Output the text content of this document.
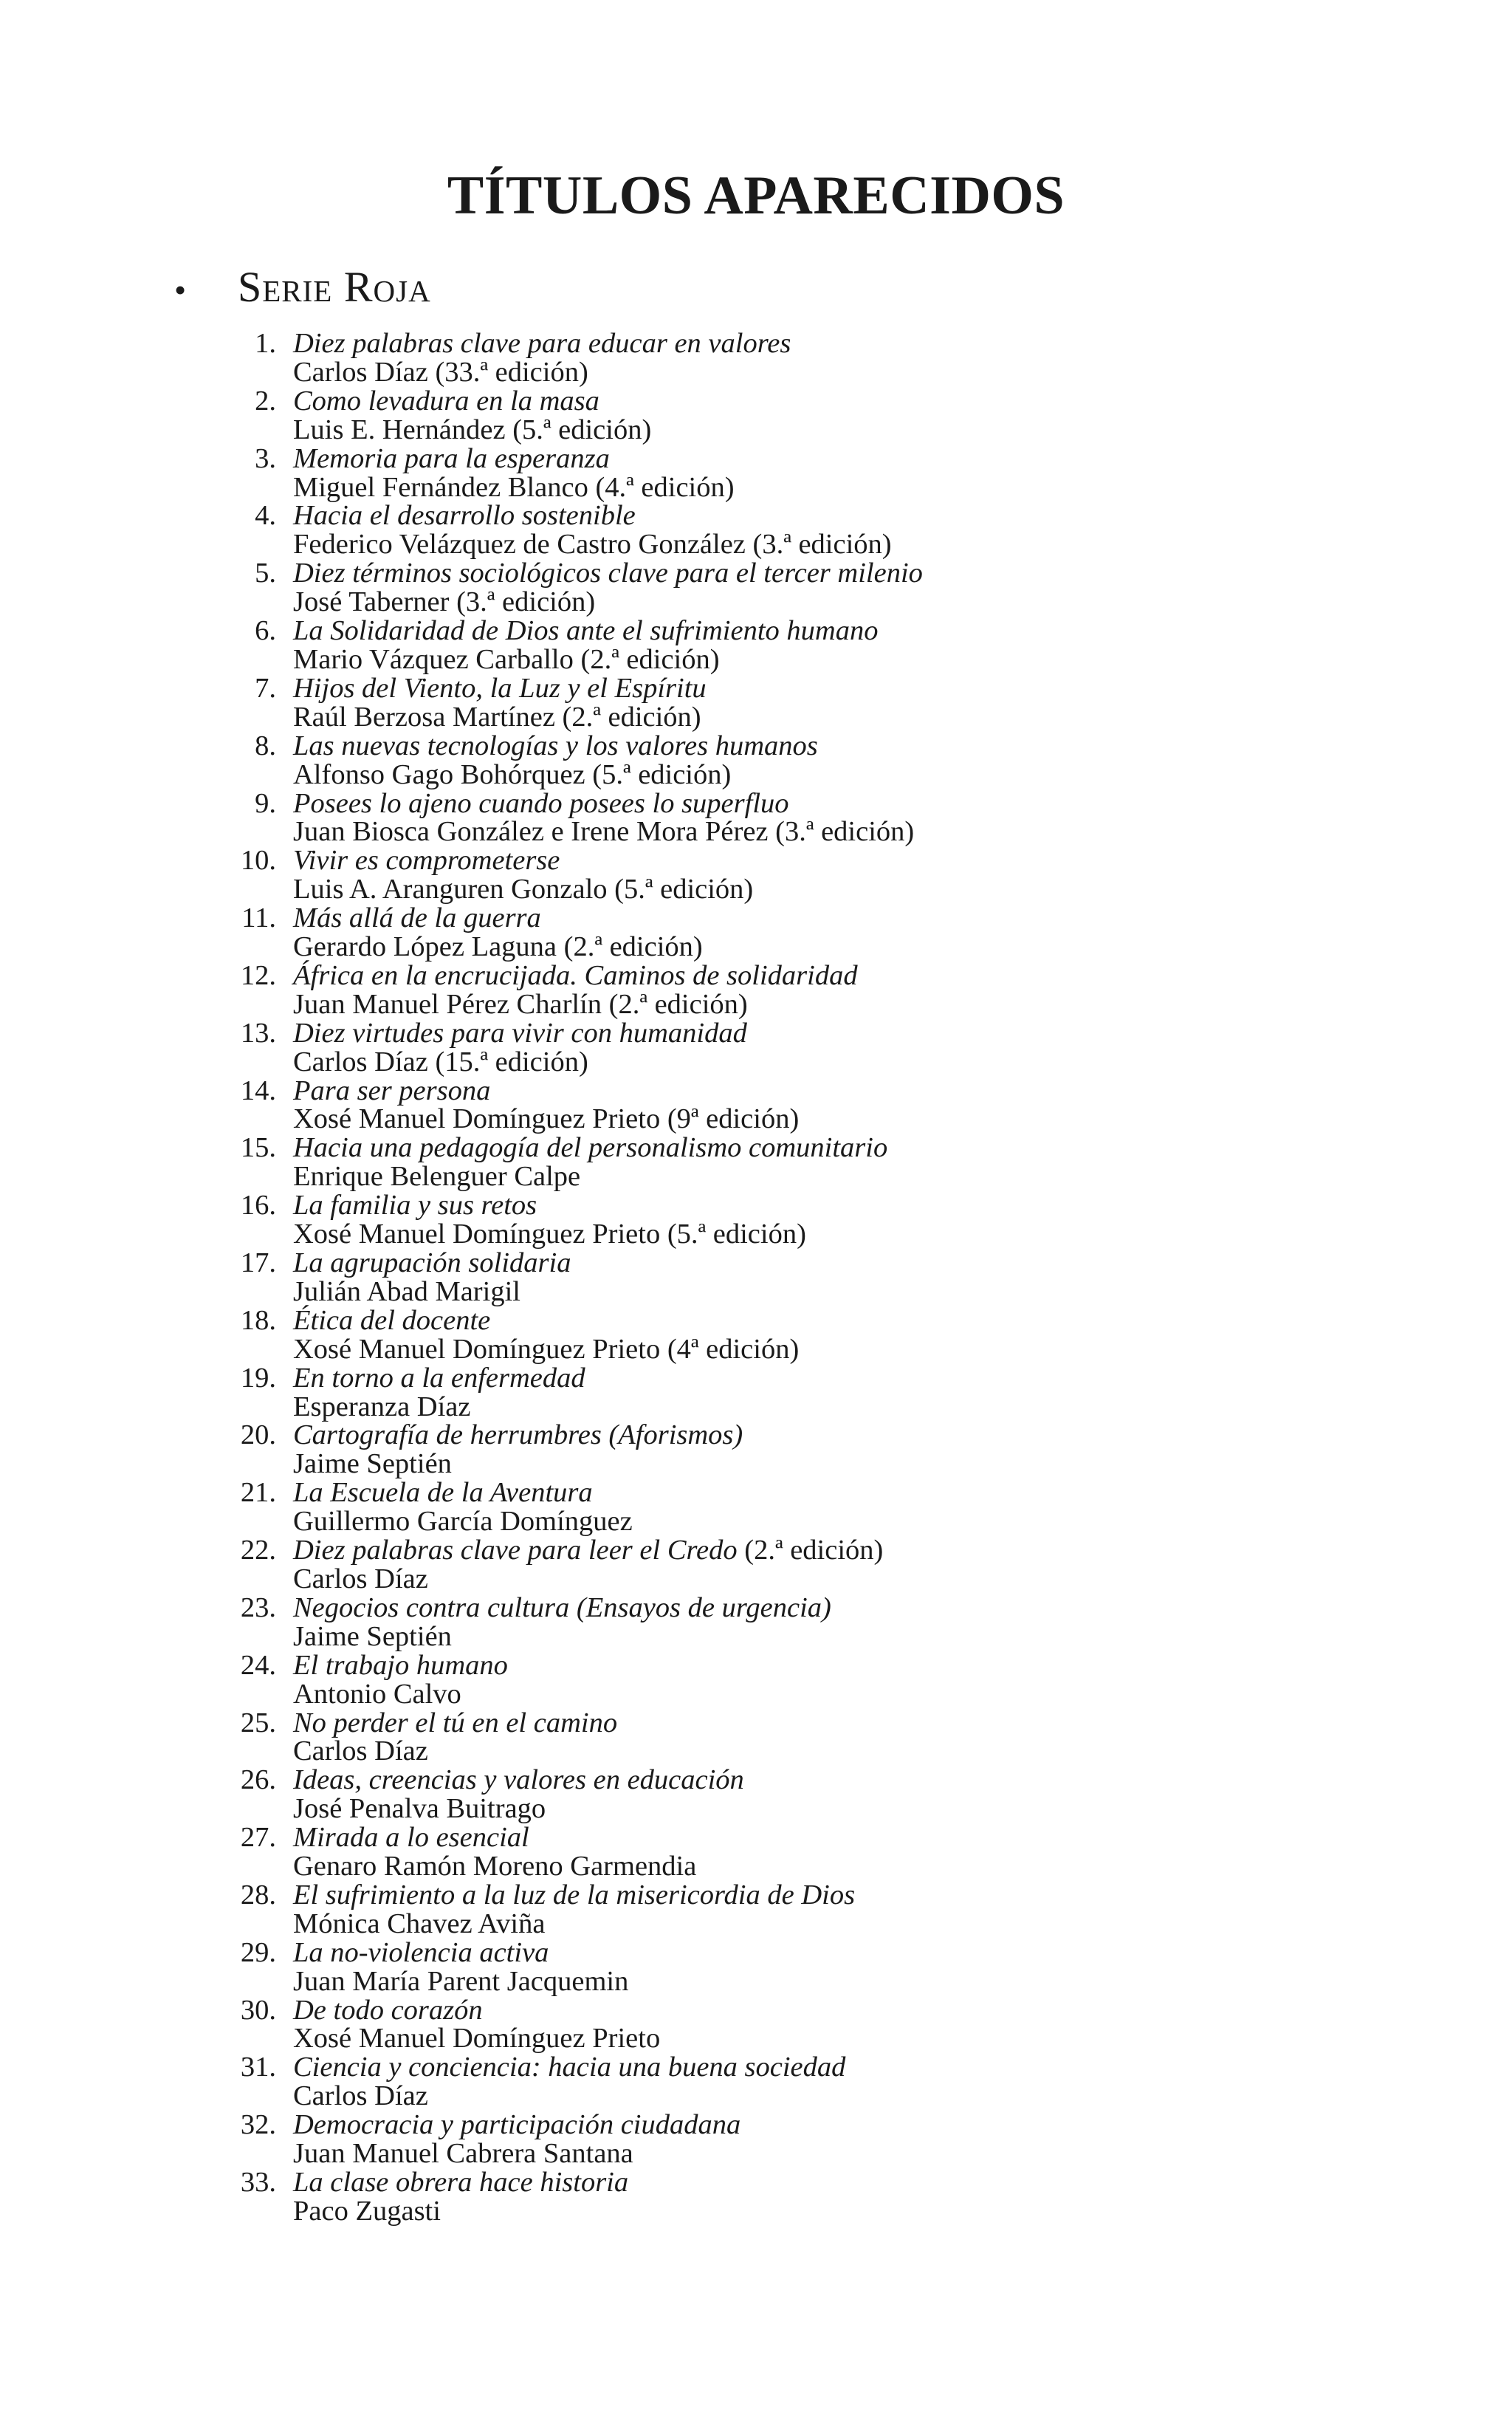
TÍTULOS APARECIDOS
•	Serie Roja
1. Diez palabras clave para educar en valores
Carlos Díaz (33.ª edición)
2. Como levadura en la masa
Luis E. Hernández (5.ª edición)
3. Memoria para la esperanza
Miguel Fernández Blanco (4.ª edición)
4. Hacia el desarrollo sostenible
Federico Velázquez de Castro González (3.ª edición)
5. Diez términos sociológicos clave para el tercer milenio
José Taberner (3.ª edición)
6. La Solidaridad de Dios ante el sufrimiento humano
Mario Vázquez Carballo (2.ª edición)
7. Hijos del Viento, la Luz y el Espíritu
Raúl Berzosa Martínez (2.ª edición)
8. Las nuevas tecnologías y los valores humanos
Alfonso Gago Bohórquez (5.ª edición)
9. Posees lo ajeno cuando posees lo superfluo
Juan Biosca González e Irene Mora Pérez (3.ª edición)
10. Vivir es comprometerse
Luis A. Aranguren Gonzalo (5.ª edición)
11. Más allá de la guerra
Gerardo López Laguna (2.ª edición)
12. África en la encrucijada. Caminos de solidaridad
Juan Manuel Pérez Charlín (2.ª edición)
13. Diez virtudes para vivir con humanidad
Carlos Díaz (15.ª edición)
14. Para ser persona
Xosé Manuel Domínguez Prieto (9ª edición)
15. Hacia una pedagogía del personalismo comunitario
Enrique Belenguer Calpe
16. La familia y sus retos
Xosé Manuel Domínguez Prieto (5.ª edición)
17. La agrupación solidaria
Julián Abad Marigil
18. Ética del docente
Xosé Manuel Domínguez Prieto (4ª edición)
19. En torno a la enfermedad
Esperanza Díaz
20. Cartografía de herrumbres (Aforismos)
Jaime Septién
21. La Escuela de la Aventura
Guillermo García Domínguez
22. Diez palabras clave para leer el Credo (2.ª edición)
Carlos Díaz
23. Negocios contra cultura (Ensayos de urgencia)
Jaime Septién
24. El trabajo humano
Antonio Calvo
25. No perder el tú en el camino
Carlos Díaz
26. Ideas, creencias y valores en educación
José Penalva Buitrago
27. Mirada a lo esencial
Genaro Ramón Moreno Garmendia
28. El sufrimiento a la luz de la misericordia de Dios
Mónica Chavez Aviña
29. La no-violencia activa
Juan María Parent Jacquemin
30. De todo corazón
Xosé Manuel Domínguez Prieto
31. Ciencia y conciencia: hacia una buena sociedad
Carlos Díaz
32. Democracia y participación ciudadana
Juan Manuel Cabrera Santana
33. La clase obrera hace historia
Paco Zugasti
